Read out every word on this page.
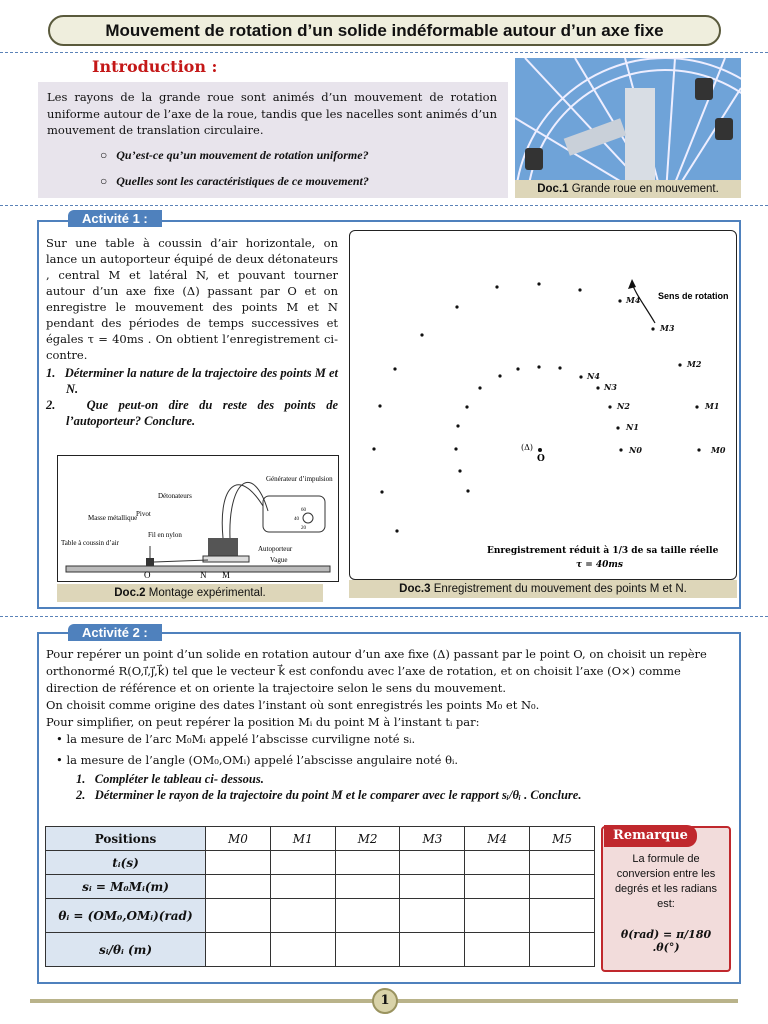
Mouvement de rotation d’un solide indéformable autour d’un axe fixe
Introduction :
Les rayons de la grande roue sont animés d’un mouvement de rotation uniforme autour de l’axe de la roue, tandis que les nacelles sont animés d’un mouvement de translation circulaire.
○   Qu’est-ce qu’un mouvement de rotation uniforme?
○   Quelles sont les caractéristiques de ce mouvement?
Doc.1 Grande roue en mouvement.
Activité 1 :
Sur une table à coussin d’air horizontale, on lance un autoporteur équipé de deux détonateurs , central M et latéral N, et pouvant tourner autour d’un axe fixe (Δ) passant par O et on enregistre le mouvement des points M et N pendant des périodes de temps successives et égales τ = 40ms . On obtient l’enregistrement ci-contre.
1.   Déterminer la nature de la trajectoire des points M et N.
2.   Que peut-on dire du reste des points de l’autoporteur? Conclure.
Générateur d’impulsion
Détonateurs
Masse métallique
Pivot
Fil en nylon
Table à coussin d’air
Autoporteur
Vague
O	N M
60
40
20
Doc.2 Montage expérimental.
Sens de rotation
(Δ)
O
M0
M1
M2
M3
M4
N0
N1
N2
N3
N4
Enregistrement réduit à 1/3 de sa taille réelle
τ = 40ms
Doc.3 Enregistrement du mouvement des points M et N.
Activité 2 :
Pour repérer un point d’un solide en rotation autour d’un axe fixe (Δ) passant par le point O, on choisit un repère orthonormé R(O,i⃗,j⃗,k⃗) tel que le vecteur k⃗ est confondu avec l’axe de rotation, et on choisit l’axe (O×) comme direction de référence et on oriente la trajectoire selon le sens du mouvement.
On choisit comme origine des dates l’instant où sont enregistrés les points M₀ et N₀.
Pour simplifier, on peut repérer la position Mᵢ du point M à l’instant tᵢ par:
• la mesure de l’arc M₀Mᵢ appelé l’abscisse curviligne noté sᵢ.
• la mesure de l’angle (OM₀,OMᵢ) appelé l’abscisse angulaire noté θᵢ.
1.   Compléter le tableau ci- dessous.
2.   Déterminer le rayon de la trajectoire du point M et le comparer avec le rapport sᵢ/θᵢ . Conclure.
Positions	M0	M1	M2	M3	M4	M5
tᵢ(s)						
sᵢ = M₀Mᵢ(m)						
θᵢ = (OM₀,OMᵢ)(rad)						
sᵢ/θᵢ (m)						
Remarque
La formule de conversion entre les degrés et les radians est:
θ(rad) = π/180 .θ(°)
1
